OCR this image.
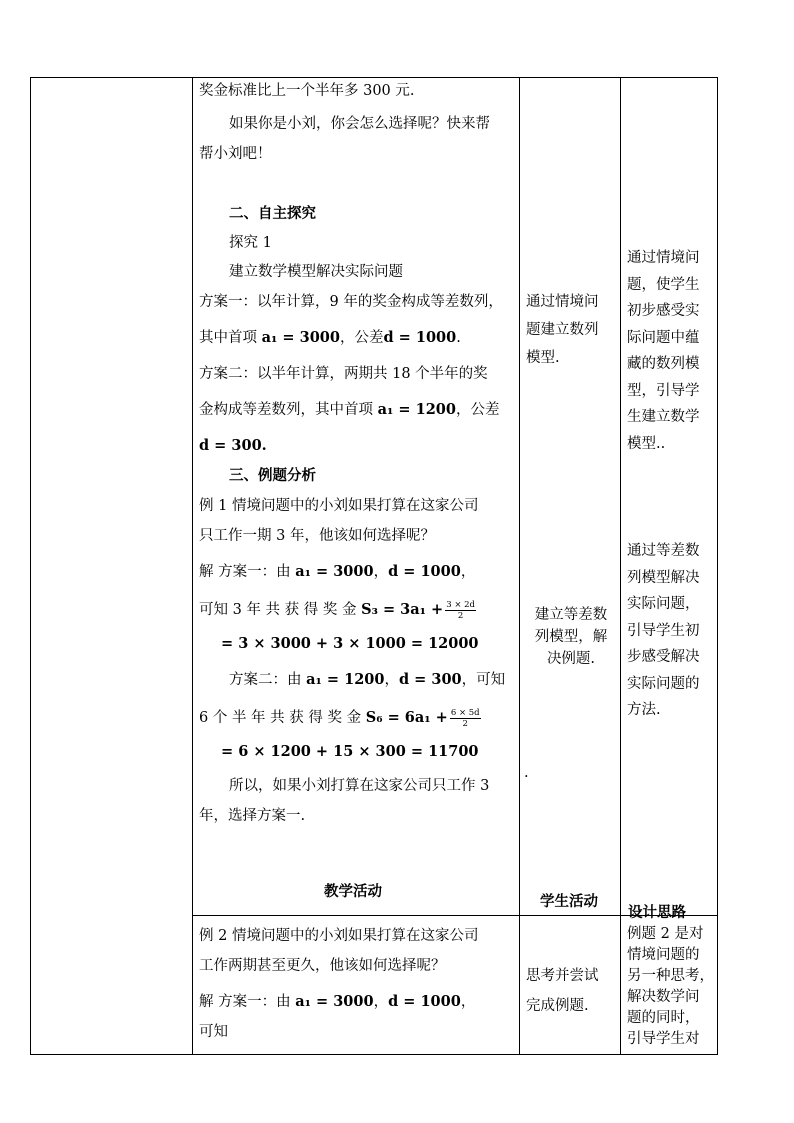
奖金标准比上一个半年多 300 元.

如果你是小刘，你会怎么选择呢？快来帮

帮小刘吧！

二、自主探究

探究 1

建立数学模型解决实际问题

方案一：以年计算，9 年的奖金构成等差数列，

其中首项 a₁ = 3000，公差d = 1000.

方案二：以半年计算，两期共 18 个半年的奖

金构成等差数列，其中首项 a₁ = 1200，公差

d = 300.

三、例题分析

例 1 情境问题中的小刘如果打算在这家公司

只工作一期 3 年，他该如何选择呢？

解 方案一：由 a₁ = 3000，d = 1000，

可知 3 年 共 获 得 奖 金 $S_3 = 3a_1 + \frac{3 \times 2d}{2}$

= 3 × 3000 + 3 × 1000 = 12000

方案二：由 a₁ = 1200，d = 300，可知

6 个 半 年 共 获 得 奖 金 $S_6 = 6a_1 + \frac{6 \times 5d}{2}$

= 6 × 1200 + 15 × 300 = 11700

所以，如果小刘打算在这家公司只工作 3

年，选择方案一.

教学活动
学生活动
设计思路
通过情境问
题建立数列
模型.
建立等差数
列模型，解
决例题.
.
通过情境问
题，使学生
初步感受实
际问题中蕴
藏的数列模
型，引导学
生建立数学
模型..
通过等差数
列模型解决
实际问题，
引导学生初
步感受解决
实际问题的
方法.

例 2 情境问题中的小刘如果打算在这家公司

工作两期甚至更久，他该如何选择呢？

解 方案一：由 a₁ = 3000，d = 1000，

可知

思考并尝试
完成例题.
例题 2 是对
情境问题的
另一种思考，
解决数学问
题的同时，
引导学生对
